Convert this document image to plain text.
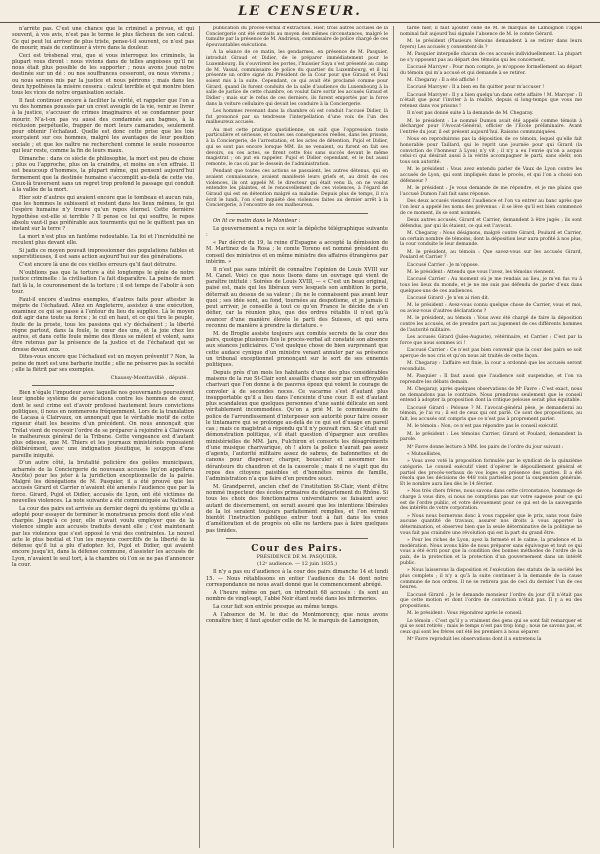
LE CENSEUR.

n’arrête pas. C’est une chance que le criminel a prévue, et qui souvent, à vos avis, n’est pas le terme le plus fâcheux de son calcul. Ce qui peut lui arriver de plus triste, pense-t-il souvent, ce n’est pas de mourir, mais de continuer à vivre dans la douleur.

Ceci est trèsbenal vrai, que si vous interrogez les criminels, la plupart vous diront : nous vivions dans de telles angoisses qu’il ne nous était plus possible de les supporter ; nous avons joué notre destinée sur un dé : ou nos souffrances cesseront, ou nous vivrons ; ou nous serons mis par la justice et nous périrons ; mais dans les deux hypothèses la misère cessera : calcul terrible et qui montre bien tous les vices de notre organisation sociale.

Il faut continuer encore à faciliter la vérité, et rappeler que l’on a vu des hommes poussés par un crest aveugle de la vie, venir se livrer à la justice, s’accuser de crimes imaginaires et se condamner pour mourir. N’a-t-on pas vu aussi des condamnés aux bagnes, à la réclusion perpétuelle, frapper de mort leurs camarades, seulement pour obtenir l’échafaud. Quelle est donc cette prise que les lois exerçaient sur ces hommes, malgré les avantages de leur position sociale ; et que les naître ne recherchent comme le seule ressource qui leur reste, comme la fin de leurs maux.

Dimanche : dans ce siècle de philosophie, la mort est peu de chose ; plus ou l’approche, plus on la craindra, et moins on s’en effraie. Il est beaucoup d’hommes, la plupart même, qui pensent aujourd’hui fermement que la destinée humaine s’accomplit au-delà de cette vie. Ceux-là traversent sans un regret trop profond le passage qui conduit à la vallée de la mort.

Hier soir d’autres qui avaient encore que le tombeau et aucun rais, que les hommes le subissent et restent dans les lieux mêmes, le qui l’espère humaine n’y trouve qu’un repos éternel. Cette dernière hypothèse est-elle si terrible ? Il pense ce lui qui souffre, le repos absolu vaut-il pas préférable aux tourments qui ne le quittent pas un instant sur la terre ?

La mort n’est plus un fantôme redoutable. La foi et l’incrédulité ne reculent plus devant elle.

Si jadis ce moyen pouvait impressionner des populations faibles et superstitieuses, il est sans action aujourd’hui sur des générations.

C’est encore là une de ces vieilles erreurs qu’il faut détruire.

N’oublions pas que la torture a été longtemps le génie de notre justice criminelle : la civilisation l’a fait disparaître. La peine de mort fait là la, le couronnement de la torture ; il est temps de l’abolir à son tour.

Faut-il encore d’autres exemples, d’autres faits pour attester le mépris de l’échafaud. Allez en Angleterre, assistez à une exécution, examinez ce qui se passe à l’entour du lieu du supplice. Là le moyen doit agir dans toute sa force ; le cul en haut, et ce qui tire le peuple, foule de la proste, tous les passions qui s’y déchaînent ; la liberté règne partout, dans la foule, le cœur des uns, et la joie chez les autres, et dans cette foule même des filous se mêlent et volent, sans être retenus par la présence de la justice et de l’échafaud qui se dresse devant eux.

Dites-vous encore que l’échafaud est un moyen préventif ? Non, la peine de mort est une barbarie inutile ; elle ne préserve pas la société ; elle la flétrit par ses exemples.

Chaussy-Monttavilliè , député.

Bien n’égale l’impudeur avec laquelle nos gouvernants poursuivent leur ignoble système de persécutions contre les hommes de cœur, dont le seul crime est d’avoir professé hautement leurs convictions politiques, il nous en nommerons fréquemment. Lors de la translation de Lacasa à Clairvaux, on annonçait que le véritable motif de cette rigueur était les besoins d’un précédent. On nous annonçait que Trélat vient de recevoir l’ordre de se préparer à rejoindre à Clairvaux le malheureux général de la Tribune. Cette vengeance est d’autant plus odieuse, que M. Thiers et les journaux ministériels reposaient délibérément, avec une indignation jésuitique, le soupçon d’une pareille iniquité.

D’un autre côté, la brutalité policière des geôles municipaux, acharnés de la Conciergerie de nouveaux accusés (qu’on appellera Ancôte) pour les jeter à la juridiction exceptionnelle de la pairie. Malgré les dénégations de M. Pasquier, il a été prouvé que les accusés Girard et Carrier n’avaient été amenés l’audience que par la force. Girard, Pujol et Didier, accusés de Lyon, ont été victimes de nouvelles violences. La note suivante a été communiquée au National.

La cour des pairs est arrivée au dernier degré du système qu’elle a adopté pour essayer de terminer le monstrueux procès dont elle s’est chargée. Jusqu’à ce jour, elle n’avait voulu employer que de la violence simple aux accusés traduits devant elle ; c’est maintenant par les violences que s’est opposé le vrai des contraintes. Le nouvel acte le plus bestial et l’un les moyens coercitifs de la liberté de la défense qu’il lui a plu d’adopter. Ici, Pujol et Didier, qui avaient encore jusqu’ici, dans la défense commune, d’assister les accusés de Lyon, n’avaient le seul tort, à la chambre où l’on se ne pas d’annoncer la cour.

publication du procès-verbal d’extraction. Hier, trois autres accusés de la Conciergerie ont été extraits au moyen des mêmes circonstances, malgré le tumulte par la présence de M. Andrieux, commissaire de police chargé de ces épouvantables exécutions.

A la séance de ce matin, les gendarmes, en présence de M. Pasquier, introduit Giraud et Didier, de le préparer immédiatement pour le Luxembourg. Ils s’ouvrirent les portes, l’huissier Saya s’est présenté au camp de M. Vassal, commissaire de police du quartier du Luxembourg, et il lui présente un ordre signé du Président de la Cour pour que Giraud et Paul soient mis à la suite. Cependant, ce qui avait été proclamé comme pour Girard, quand ils furent conduits de la salle d’audience du Luxembourg à la salle de justice de cette chambre, on voulut faire sortir les accusés Giraud et Didier ; mais sur le refus de ces derniers, ils furent emportés par la force dans la voiture cellulaire qui devait les conduire à la Conciergerie.

Les hommes revenant dans la chambre où est conduit l’accusé Didier, là fut prononcé par sa tendresse l’interpellation d’une voix de l’un des malheureux accusés.

Au mot cette pratique quotidienne, on sait que l’oppression toute particulière et sérieuse, et toutes ses conséquences réelles, dans les prisons, à la Conciergerie, de l’arrestation, et les actes de détention, Pujol et Didier, qui se sont pas encore lorsque MM. ils ne venaient, ou furent en fait ses devoirs, ou ces actes, se firent cette fois sans succès devant le même magistrat ; on put en rappeler. Pujol et Didier cependant, et le but aussi remonte, le cas où par le dessein de l’administration.

Pendant que toutes ces actions se passaient, les autres détenus, qui en avaient connaissance, avaient manifesté leurs griefs et, au droit de ces violences, ils ont appelé M. le directeur qui était venu là, on ne voulut entendre les plaintes, et le renouvellement de ces violences, à l’égard de Giraud qui est en détention malgré sa maladie. Depuis plus de temps, il n’a écrit le lundi, l’on s’est inquiété des violences faites au dernier arrêt à la Conciergerie, à l’encontre de ces malheureux.

On lit ce matin dans le Moniteur :

Le gouvernement a reçu ce soir la dépêche télégraphique suivante :

« Par décret du 19, la reine d’Espagne a accepté la démission de M. Martinez de la Rosa ; le comte Toreno est nommé président du conseil des ministres et en même ministre des affaires étrangères par intérim. »

Il n’est pas sans intérêt de connaître l’opinion de Louis XVIII sur M. Canel. Voici ce que nous lisons dans un ouvrage qui vient de paraître intitulé : Soirées de Louis XVIII, — « C’est un beau original, paisé est, mais qui les libéraux vers lesquels son ambition le porte, déterrait au dessus de sa valeur ; ils ne le connaissent pas avant leur quoi ; ses idée sont, au fond, tournées au despotisme, et je jamais il peut arriver, je conseille à tout ce qu’en France le décide de s’en défier, car la réunion plus, que des ordres rétablis il n’est qu’à avancer d’une manière élevée le parti des Suisses, et qui sera reconnu de manière à prendre la dictature. »

M. de Broglie assiste toujours aux comités secrets de la cour des pairs, quoique plusieurs fois le procès-verbal ait constaté son absence aux séances judiciaires. C’est quelque chose de bien surprenant que cette audace cynique d’un ministre venant annuler par sa présence un tribunal exceptionnel prononçant sur le sort de ses ennemis politiques.

Depuis près d’un mois les habitants d’une des plus considérables maisons de la rue St-Clair sont assaillis chaque soir par un effroyable charivari que l’on donne à de pauvres époux qui voient le courage de convoler à de secondes noces. Ce vacarme s’est d’autant plus insupportable qu’il a lieu dans l’enceinte d’une cour. Il est d’autant plus scandaleux que quelques personnes d’une santé délicate en sont véritablement incommodées. Qu’on a prié M. le commissaire de police de l’arrondissement d’interposer son autorité pour faire cesser le tintamarre qui se prolonge au-delà de ce qui est d’usage en pareil cas ; mais ce magistrat a répondu qu’il n’y pouvait rien. Si c’était une démonstration politique, s’il était question d’épargner aux oreilles ministérielles de MM. Jars, Fulchiron et consorts les désagréments d’une musique charivarique, oh ! alors la police n’aurait pas assez d’agents, l’autorité militaire assez de sabres, de baïonnettes et de canons pour disperser, charger, bousculer et assommer les déranteurs du chaudron et de la casserole ; mais il ne s’agit que du repos des citoyens paisibles et d’honnêtes mères de famille, l’administration n’a que faire d’en prendre souci.

M. Grandperret, ancien chef de l’institution St-Clair, vient d’être nommé inspecteur des écoles primaires du département du Rhône. Si tous les choix des fonctionnaires universitaires se faisaient avec autant de discernement, on serait assuré que les intentions libérales de la loi seraient toujours parfaitement remplies, et l’on verrait bientôt l’instruction publique entrer tout à fait dans les voies d’amélioration et de progrès où elle ne tardera pas à faire quelques pas timides.

Cour des Pairs.
PRÉSIDENCE DE M. PASQUIER.
(12ᵉ audience. — 12 juin 1835.)

Il n’y a pas eu d’audience à la cour des pairs dimanche 14 et lundi 15. — Nous rétablissons en entier l’audience du 14 dont notre correspondance ne nous avait donné que le commencement abrégé.

A l’heure même on part, on introduit 68 accusés : ils sont au nombre de vingt-sept, l’abbé Noir étant resté dans les infirmeries.

La cour fait son entrée presque au même temps.

A l’absence de M. le duc de Montmorency, que nous avons connaître hier, il faut ajouter celle de M. le marquis de Lamoignon,

tarde hier, il faut ajouter celle de M. le marquis de Lamoignon l’appel nominal fait aujourd’hui signale l’absence de M. le comte Gérard.

M. le président (Plusieurs témoins demandent à se retirer dans leurs foyers) Les accusés y consentent-ils ?

M. Pasquier interpelle chacun de ces accusés individuellement. La plupart ne s’y opposent pas au départ des témoins qui les concernent.

L’accusé Marcyer : Pour mon compte, je m’oppose formellement au départ du témoin qui m’a accusé et qui demande à se retirer.

M. Chegaray : Il a été affiché !

L’accusé Marcyer : Il a bien en fin quitter pour m’accuser !

L’accusé Marcyer : Il y a bien quelqu’un dans cette affaire ! M. Marcyer : Il n’était que pour l’inviter à la réalité, depuis si long-temps que vous me retenez dans vos prisons !

Il n’est pas donné suite à la demande de M. Chegaray.

M. le président : Le nommé Dumon avait été appelé comme témoin à décharger pour l’Avocat-Général, officier de l’École préliminaire. Avant l’entrée du jour, il est présent aujourd’hui. Raisons communiquées.

Nous en reproduirons pas la déposition de ce témoin, lequel qu’elle fait honorable pour Taillard, qui le reprit une journée pour qui Girard (la conviction de l’honneur à Lyon) n’y vit ; il n’y a eu l’envie qu’on a acquis celui-ci qui désirait aussi à la vérité accompagner le parti, sans obéir, son tous son autorité.

M. le président : Vous avez entendu parler de Vaux de Lyon contre les accusés de Lyon, qui sont impliqués dans le procès, et qui l’on a choisi son défenseur ?

M. le président : Je vous demande de me répondre, et je me plains que l’accusé Dumon l’ait fait sans réponse.

Des deux accusés viennent l’audience et l’on va entrer au banc après que l’on leur a appelé les noms des prévenus : il se lève qu’il est bien commencé de ce moment, ils se sont nommés.

Deux autres accusés, Girard et Carrier, demandent à être jugés ; ils sont défendus, par qui ils étaient, ce qui est l’avocat.

M. Chegaray : Nous désignons, malgré contre Girard, Poulard et Carrier, un certain nombre de témoins, dont la déposition leur aura profité à nos plus, la cour conduite le leur demande.

M. le président, au témoin : Que savez-vous sur les accusés Girard, Poulard et Carrier ?

L’accusé Carrier : Je m’oppose.

M. le président : Attendu que vous l’avez, les témoins viennent.

L’accusé Carrier : Au moment où je me rendais au lieu, je m’en fus vu à tous les lieux du monde, et je ne me suis pas défendu de parler d’eux dans quelques-uns de ces audiences.

L’accusé Girard : Je n’en ai rien dit.

M. le président : Avez-vous connu quelque chose de Carrier, vous et moi, ou aviez-vous d’autres déclarations ?

M. le président, au témoin : Vous avez été chargé de faire la déposition contre les accusés, et de prendre part au jugement de ces différents hommes de l’autorité militaire.

Les accusés Girard (Jules-Auguste), vétérinaire, et Carrier : C’est par la force que nous sommes ici !

L’accusé Carrier : Ce n’est pas bien convenir que la cour des pairs se soit aperçue de nos cris et qu’on nous ait traités de cette façon.

M. Chegaray : L’affaire est finie, la cour a ordonné que les accusés seront reconduits.

M. Pasquier : Il faut aussi que l’audience soit suspendue, et l’on va reprendre les débats demain.

M. Chegaray, après quelques observations de Mᵉ Favre : C’est exact, nous ne demandons pas le contraire. Nous prendrons seulement que le conseil entend à adopter la proposition dont la critique pelouse serait plus équitable.

L’accusé Girard : Pelouse ? M. l’avocat-général pèse, je demanderai au témoin, je l’ai vu ; il est de ceux qui ont parlé. Ce sont des propositions, au fait, les accusés ont compris que ce n’est pas à proprement parler.

M. le témoin : Non, ce n’est pas répondre pas le conseil exécutif.

M. le président : Les témoins Carrier, Girard et Poulard, demandent la parole.

Mᵉ Favre donne lecture à MM. les pairs de l’ordre du jour suivant :

« Mutuellistes,

» Vous avez voté la proposition formulée par le syndicat de la quinzième catégorie. Le conseil exécutif vient d’opérer le dépouillement général et partiel des procès-verbaux de vos loges en présence des parties. Il a été résolu que les décisions de 448 voix partielles pour la suspension générale. Et le nombre aura lieu dès le 14 février.

» Nos très chers frères, nous savons dans cette circonstance, hommage de charge à vous dire, si nous ne comptions pas sur votre sagesse pour ce qui est de l’ordre public, et votre dévouement pour ce qui est de la sauvegarde des intérêts de votre corporation.

» Nous nous bornerons donc à vous rappeler que le prix, sans vous faire aucune quantité de travaux, assurer nos droits à vous apporter la détermination, et observez bien que la seule déterminative de la politique ne vous fait pas craindre une révolution qui est la part du grand être.

» Pour les riches de Lyon, ayez la fermeté et le calme, la prudence et la modération. Nous avons hâte de nous préparer sans équivoque et tout ce qui vous a été écrit pour que la condition des bonnes méthodes de l’ordre de la paix, de la protection et la protection d’un gouvernement dans un intérêt public.

» Nous laisserons la disposition et l’exécution des statuts de la société les plus complets ; il n’y a qu’à la suite continuer à la demande de la cause commune de nos ordres. Il ne se retirera pas de ceci du dernier l’un de ces heures.

L’accusé Girard : Je le demande monsieur l’ordre du jour d’il n’était pas que cette motion et dont l’ordre de conviction n’était pas. Il y a eu des propositions.

M. le président : Vous répondrez après le conseil.

Le témoin : C’est qu’il y a vraiment des gens qui se sont fait remarquer et qui se sont retirés ; mais le temps n’est pas trop long ; nous ne savons pas, et ceux qui sont les frères ont été les premiers à nous séparer.

Mᵉ Favre reproduit les observations dont il a entretenu la
